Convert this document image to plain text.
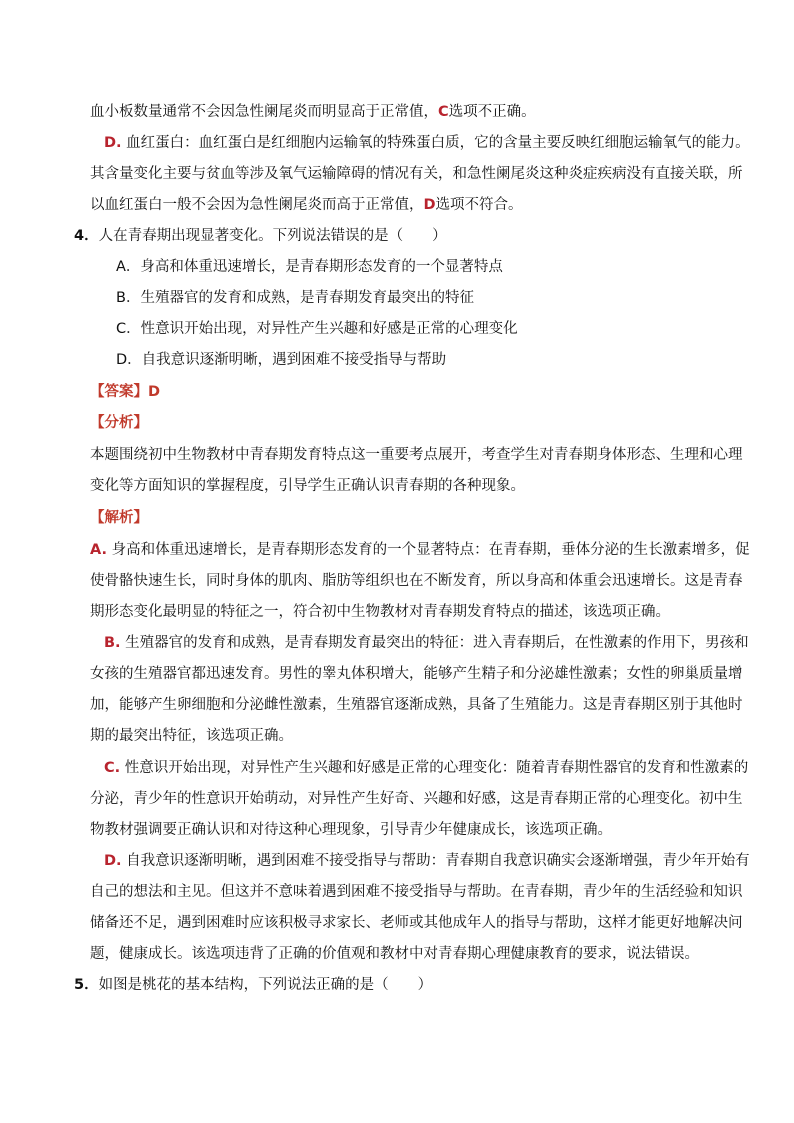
血小板数量通常不会因急性阑尾炎而明显高于正常值，C选项不正确。
D. 血红蛋白：血红蛋白是红细胞内运输氧的特殊蛋白质，它的含量主要反映红细胞运输氧气的能力。
其含量变化主要与贫血等涉及氧气运输障碍的情况有关，和急性阑尾炎这种炎症疾病没有直接关联，所
以血红蛋白一般不会因为急性阑尾炎而高于正常值，D选项不符合。
4．人在青春期出现显著变化。下列说法错误的是（　　）
A．身高和体重迅速增长，是青春期形态发育的一个显著特点
B．生殖器官的发育和成熟，是青春期发育最突出的特征
C．性意识开始出现，对异性产生兴趣和好感是正常的心理变化
D．自我意识逐渐明晰，遇到困难不接受指导与帮助
【答案】D
【分析】
本题围绕初中生物教材中青春期发育特点这一重要考点展开，考查学生对青春期身体形态、生理和心理
变化等方面知识的掌握程度，引导学生正确认识青春期的各种现象。
【解析】
A. 身高和体重迅速增长，是青春期形态发育的一个显著特点：在青春期，垂体分泌的生长激素增多，促
使骨骼快速生长，同时身体的肌肉、脂肪等组织也在不断发育，所以身高和体重会迅速增长。这是青春
期形态变化最明显的特征之一，符合初中生物教材对青春期发育特点的描述，该选项正确。
B. 生殖器官的发育和成熟，是青春期发育最突出的特征：进入青春期后，在性激素的作用下，男孩和
女孩的生殖器官都迅速发育。男性的睾丸体积增大，能够产生精子和分泌雄性激素；女性的卵巢质量增
加，能够产生卵细胞和分泌雌性激素，生殖器官逐渐成熟，具备了生殖能力。这是青春期区别于其他时
期的最突出特征，该选项正确。
C. 性意识开始出现，对异性产生兴趣和好感是正常的心理变化：随着青春期性器官的发育和性激素的
分泌，青少年的性意识开始萌动，对异性产生好奇、兴趣和好感，这是青春期正常的心理变化。初中生
物教材强调要正确认识和对待这种心理现象，引导青少年健康成长，该选项正确。
D. 自我意识逐渐明晰，遇到困难不接受指导与帮助：青春期自我意识确实会逐渐增强，青少年开始有
自己的想法和主见。但这并不意味着遇到困难不接受指导与帮助。在青春期，青少年的生活经验和知识
储备还不足，遇到困难时应该积极寻求家长、老师或其他成年人的指导与帮助，这样才能更好地解决问
题，健康成长。该选项违背了正确的价值观和教材中对青春期心理健康教育的要求，说法错误。
5．如图是桃花的基本结构，下列说法正确的是（　　）
